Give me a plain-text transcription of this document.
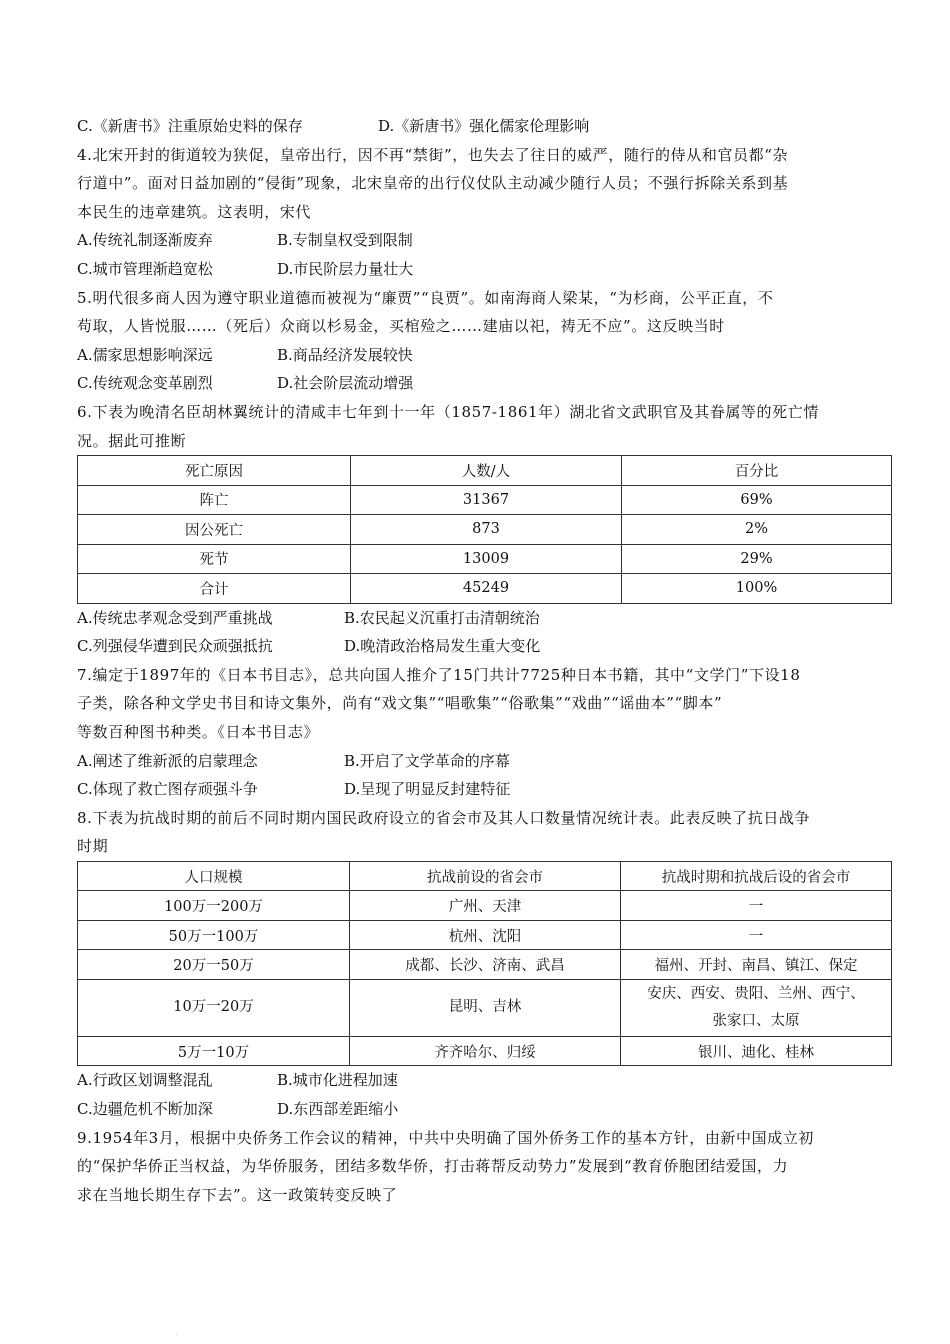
C.《新唐书》注重原始史料的保存	D.《新唐书》强化儒家伦理影响
4.北宋开封的街道较为狭促，皇帝出行，因不再“禁街”，也失去了往日的威严，随行的侍从和官员都“杂
行道中”。面对日益加剧的“侵街”现象，北宋皇帝的出行仪仗队主动减少随行人员；不强行拆除关系到基
本民生的违章建筑。这表明，宋代
A.传统礼制逐渐废弃	B.专制皇权受到限制
C.城市管理渐趋宽松	D.市民阶层力量壮大
5.明代很多商人因为遵守职业道德而被视为“廉贾”“良贾”。如南海商人梁某，“为杉商，公平正直，不
苟取，人皆悦服……（死后）众商以杉易金，买棺殓之……建庙以祀，祷无不应”。这反映当时
A.儒家思想影响深远	B.商品经济发展较快
C.传统观念变革剧烈	D.社会阶层流动增强
6.下表为晚清名臣胡林翼统计的清咸丰七年到十一年（1857-1861年）湖北省文武职官及其眷属等的死亡情
况。据此可推断
死亡原因	人数/人	百分比
阵亡	31367	69%
因公死亡	873	2%
死节	13009	29%
合计	45249	100%
A.传统忠孝观念受到严重挑战	B.农民起义沉重打击清朝统治
C.列强侵华遭到民众顽强抵抗	D.晚清政治格局发生重大变化
7.编定于1897年的《日本书目志》，总共向国人推介了15门共计7725种日本书籍，其中“文学门”下设18
子类，除各种文学史书目和诗文集外，尚有“戏文集”“唱歌集”“俗歌集”“戏曲”“谣曲本”“脚本”
等数百种图书种类。《日本书目志》
A.阐述了维新派的启蒙理念	B.开启了文学革命的序幕
C.体现了救亡图存顽强斗争	D.呈现了明显反封建特征
8.下表为抗战时期的前后不同时期内国民政府设立的省会市及其人口数量情况统计表。此表反映了抗日战争
时期
人口规模	抗战前设的省会市	抗战时期和抗战后设的省会市
100万一200万	广州、天津	一
50万一100万	杭州、沈阳	一
20万一50万	成都、长沙、济南、武昌	福州、开封、南昌、镇江、保定
10万一20万	昆明、吉林	安庆、西安、贵阳、兰州、西宁、
张家口、太原

5万一10万	齐齐哈尔、归绥	银川、迪化、桂林
A.行政区划调整混乱	B.城市化进程加速
C.边疆危机不断加深	D.东西部差距缩小
9.1954年3月，根据中央侨务工作会议的精神，中共中央明确了国外侨务工作的基本方针，由新中国成立初
的“保护华侨正当权益，为华侨服务，团结多数华侨，打击蒋帮反动势力”发展到“教育侨胞团结爱国，力
求在当地长期生存下去”。这一政策转变反映了
·
